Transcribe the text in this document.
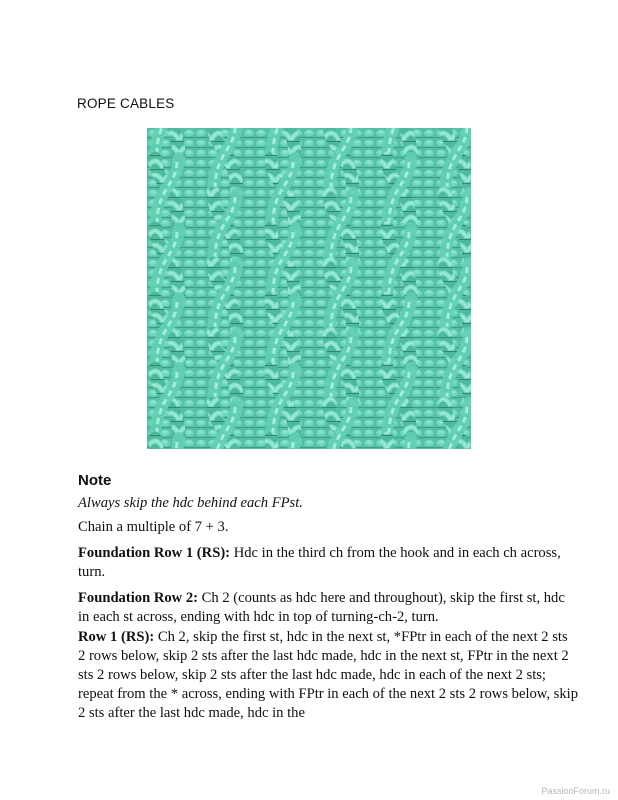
ROPE CABLES
Note
Always skip the hdc behind each FPst.
Chain a multiple of 7 + 3.
Foundation Row 1 (RS): Hdc in the third ch from the hook and in each ch across, turn.
Foundation Row 2: Ch 2 (counts as hdc here and throughout), skip the first st, hdc in each st across, ending with hdc in top of turning-ch-2, turn.
Row 1 (RS): Ch 2, skip the first st, hdc in the next st, *FPtr in each of the next 2 sts 2 rows below, skip 2 sts after the last hdc made, hdc in the next st, FPtr in the next 2 sts 2 rows below, skip 2 sts after the last hdc made, hdc in each of the next 2 sts; repeat from the * across, ending with FPtr in each of the next 2 sts 2 rows below, skip 2 sts after the last hdc made, hdc in the
PassionForum.ru
